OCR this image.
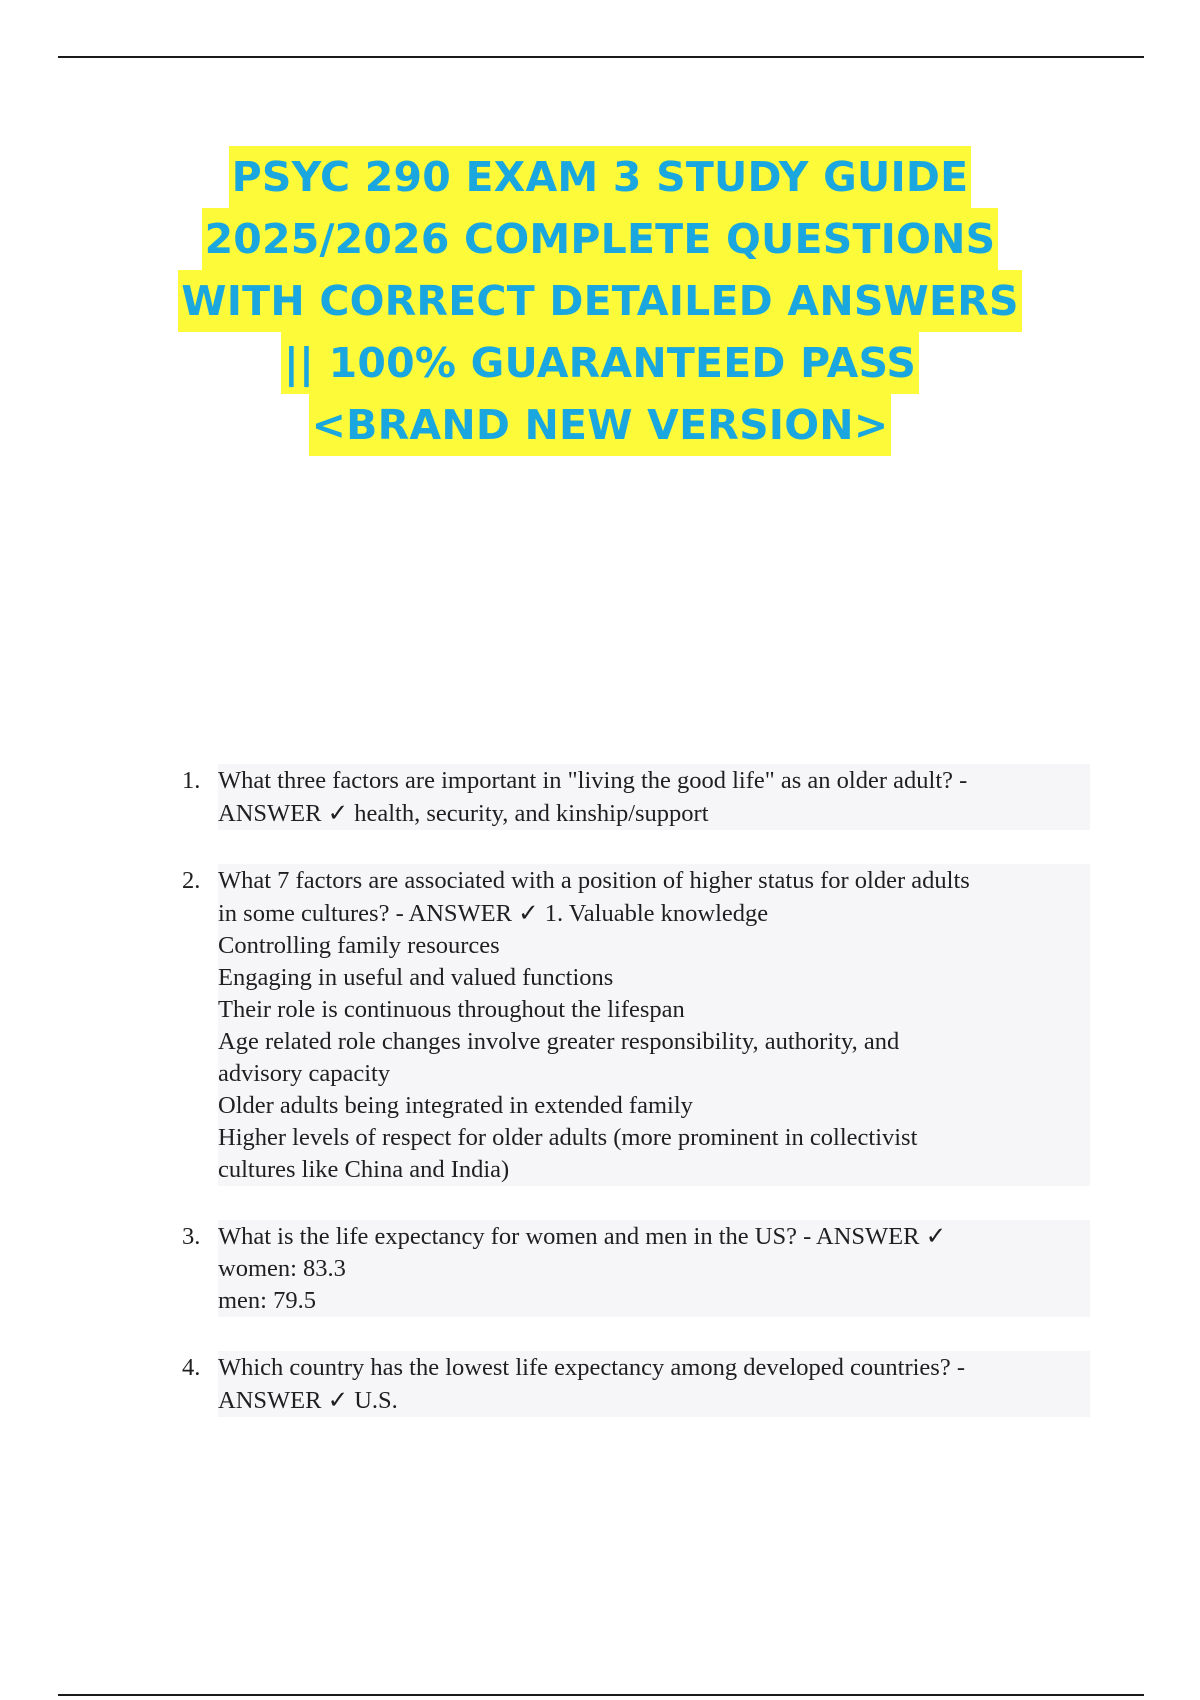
PSYC 290 EXAM 3 STUDY GUIDE
2025/2026 COMPLETE QUESTIONS
WITH CORRECT DETAILED ANSWERS
|| 100% GUARANTEED PASS
<BRAND NEW VERSION>
1. What three factors are important in "living the good life" as an older adult? -
ANSWER ✓ health, security, and kinship/support
2. What 7 factors are associated with a position of higher status for older adults
in some cultures? - ANSWER ✓ 1. Valuable knowledge
Controlling family resources
Engaging in useful and valued functions
Their role is continuous throughout the lifespan
Age related role changes involve greater responsibility, authority, and
advisory capacity
Older adults being integrated in extended family
Higher levels of respect for older adults (more prominent in collectivist
cultures like China and India)
3. What is the life expectancy for women and men in the US? - ANSWER ✓
women: 83.3
men: 79.5
4. Which country has the lowest life expectancy among developed countries? -
ANSWER ✓ U.S.
